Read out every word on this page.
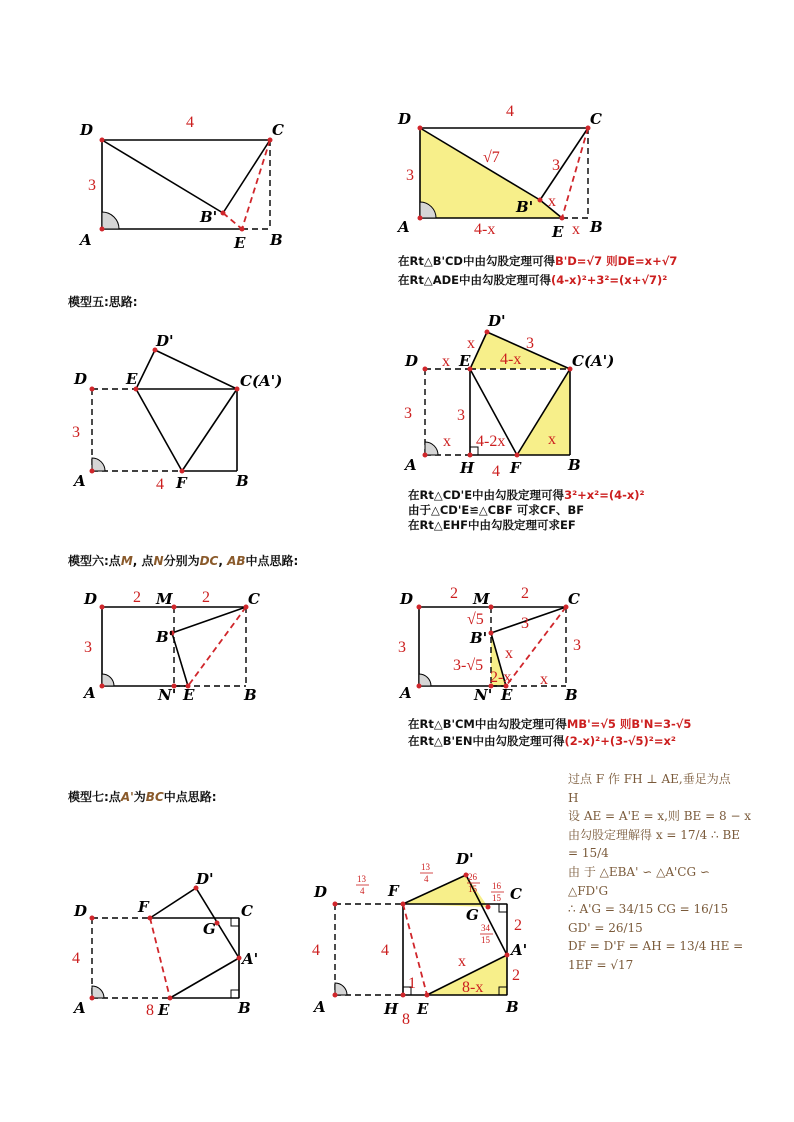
D	C
A	B
E
B'
4
3
D	C
A	B
E
B'
4
3
3
√7
x
x
4-x
D	E
D'
C(A')
A	F	B
3
4
D	E
D'
C(A')
A	H F	B
x
x	3
4-x
3	3
x 4-2x	x
4
D	M	C
B'
A	N' E	B
2	2
3
D	M	C
B'
A	N' E	B
2	2
3	3
√5 3
x
3-√5
2-x x
D'
D	F	C
G
A'
A	E	B
4
8
D'
D	F	C
G
A'
A	H E	B
4	4
2
2
x
8-x
1
8
13
4
13
4	26
15 16
15
34
15
在Rt△B'CD中由勾股定理可得B'D=√7 则DE=x+√7
在Rt△ADE中由勾股定理可得(4-x)²+3²=(x+√7)²
模型五:思路:
在Rt△CD'E中由勾股定理可得3²+x²=(4-x)²
由于△CD'E≌△CBF 可求CF、BF
在Rt△EHF中由勾股定理可求EF
模型六:点M, 点N分别为DC, AB中点思路:
在Rt△B'CM中由勾股定理可得MB'=√5 则B'N=3-√5
在Rt△B'EN中由勾股定理可得(2-x)²+(3-√5)²=x²
模型七:点A'为BC中点思路:
过点 F 作 FH ⊥ AE,垂足为点
H
设 AE = A'E = x,则 BE = 8 − x
由勾股定理解得 x = 17/4 ∴ BE
= 15/4
由 于 △EBA' ∽ △A'CG ∽
△FD'G
∴ A'G = 34/15 CG = 16/15 GD' = 26/15
DF = D'F = AH = 13/4 HE =
1EF = √17
